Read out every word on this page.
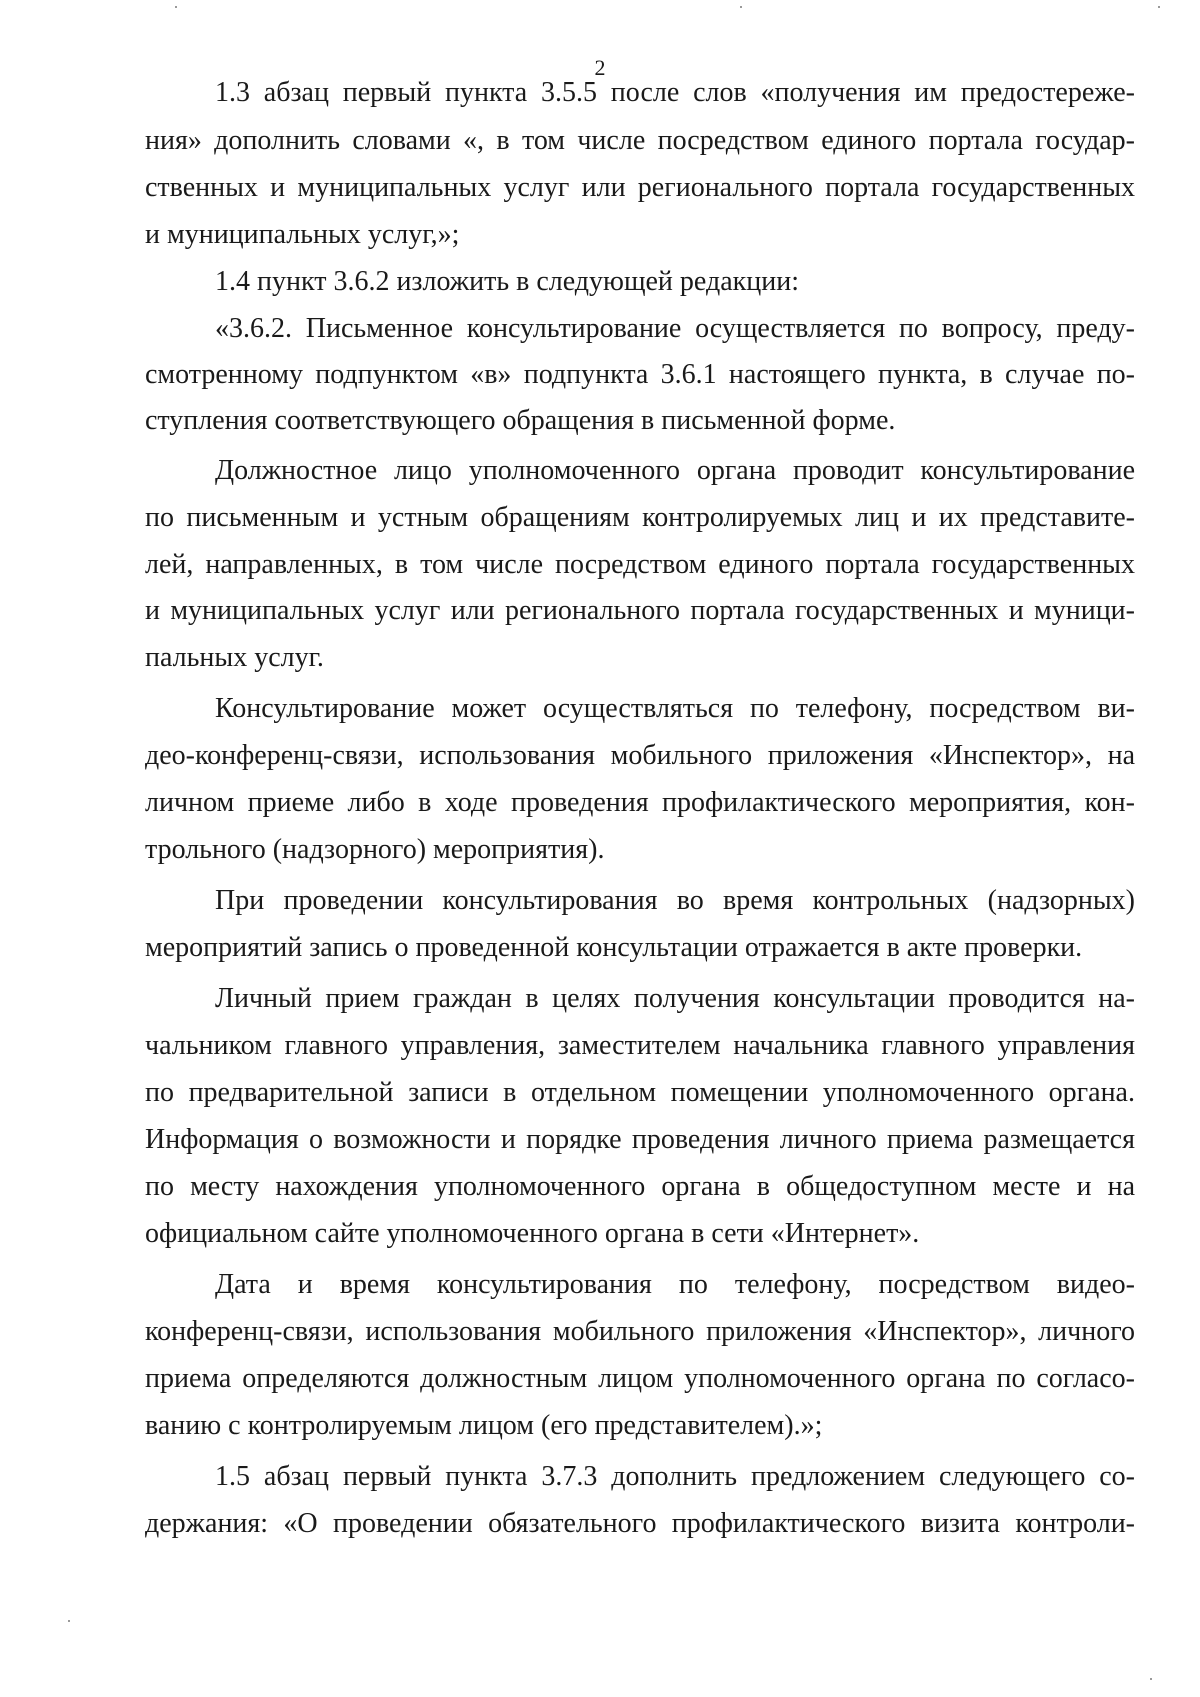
2
1.3 абзац первый пункта 3.5.5 после слов «получения им предостереже-
ния» дополнить словами «, в том числе посредством единого портала государ-
ственных и муниципальных услуг или регионального портала государственных
и муниципальных услуг,»;
1.4 пункт 3.6.2 изложить в следующей редакции:
«3.6.2. Письменное консультирование осуществляется по вопросу, преду-
смотренному подпунктом «в» подпункта 3.6.1 настоящего пункта, в случае по-
ступления соответствующего обращения в письменной форме.
Должностное лицо уполномоченного органа проводит консультирование
по письменным и устным обращениям контролируемых лиц и их представите-
лей, направленных, в том числе посредством единого портала государственных
и муниципальных услуг или регионального портала государственных и муници-
пальных услуг.
Консультирование может осуществляться по телефону, посредством ви-
део-конференц-связи, использования мобильного приложения «Инспектор», на
личном приеме либо в ходе проведения профилактического мероприятия, кон-
трольного (надзорного) мероприятия).
При проведении консультирования во время контрольных (надзорных)
мероприятий запись о проведенной консультации отражается в акте проверки.
Личный прием граждан в целях получения консультации проводится на-
чальником главного управления, заместителем начальника главного управления
по предварительной записи в отдельном помещении уполномоченного органа.
Информация о возможности и порядке проведения личного приема размещается
по месту нахождения уполномоченного органа в общедоступном месте и на
официальном сайте уполномоченного органа в сети «Интернет».
Дата и время консультирования по телефону, посредством видео-
конференц-связи, использования мобильного приложения «Инспектор», личного
приема определяются должностным лицом уполномоченного органа по согласо-
ванию с контролируемым лицом (его представителем).»;
1.5 абзац первый пункта 3.7.3 дополнить предложением следующего со-
держания: «О проведении обязательного профилактического визита контроли-
